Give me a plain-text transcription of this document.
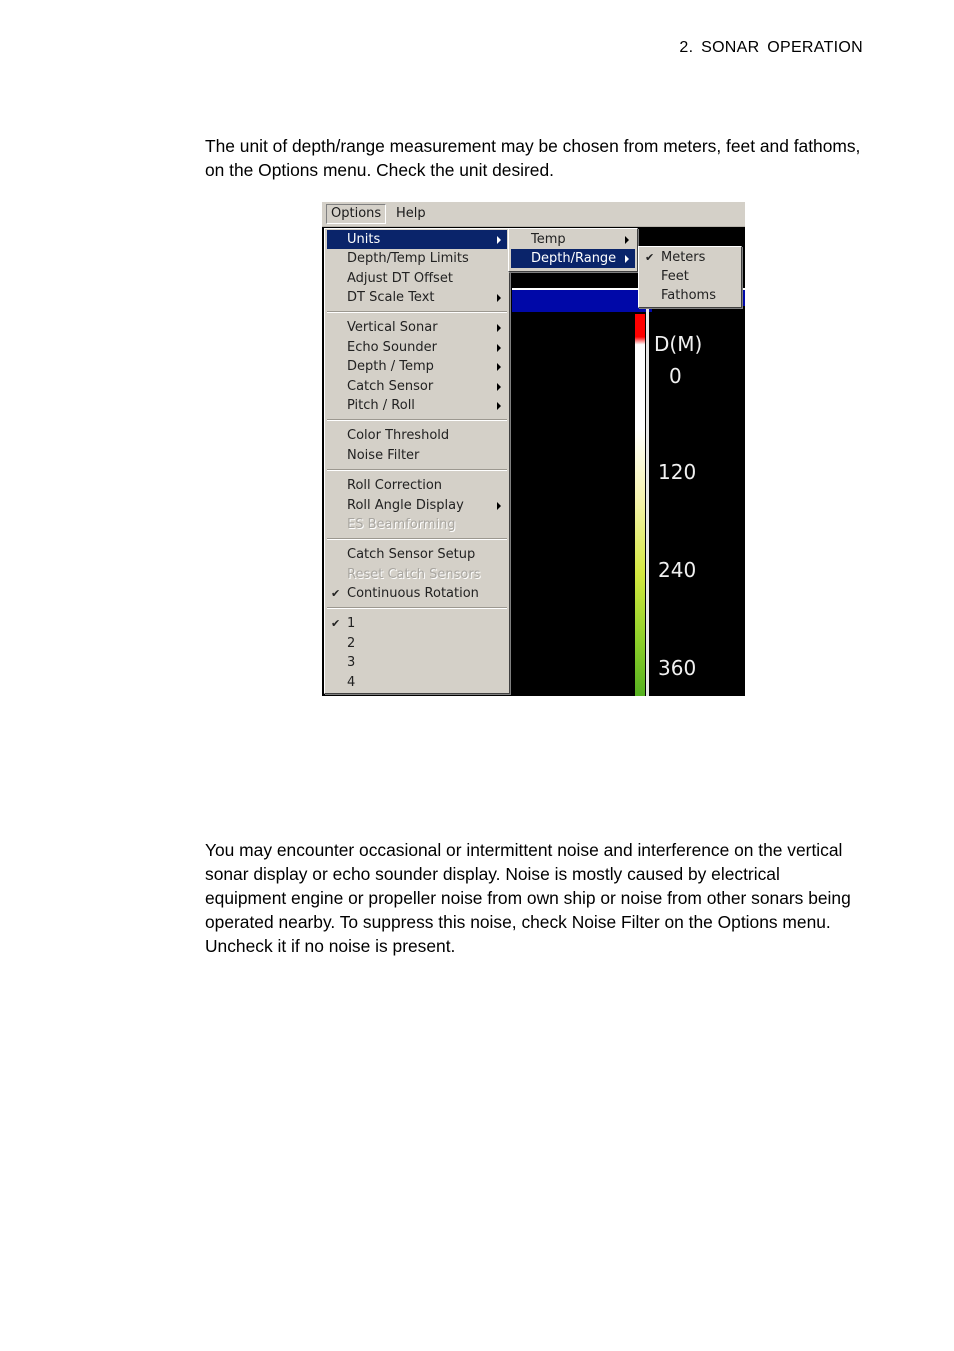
2. SONAR OPERATION
The unit of depth/range measurement may be chosen from meters, feet and fathoms, on the Options menu. Check the unit desired.
D(M)
0
120
240
360
Options	Help
Units
Depth/Temp Limits
Adjust DT Offset
DT Scale Text
Vertical Sonar
Echo Sounder
Depth / Temp
Catch Sensor
Pitch / Roll
Color Threshold
Noise Filter
Roll Correction
Roll Angle Display
ES Beamforming
Catch Sensor Setup
Reset Catch Sensors
✔ Continuous Rotation
✔ 1
2
3
4
Temp
Depth/Range	✔ Meters
Feet
Fathoms
You may encounter occasional or intermittent noise and interference on the vertical sonar display or echo sounder display. Noise is mostly caused by electrical equipment engine or propeller noise from own ship or noise from other sonars being operated nearby. To suppress this noise, check Noise Filter on the Options menu. Uncheck it if no noise is present.
